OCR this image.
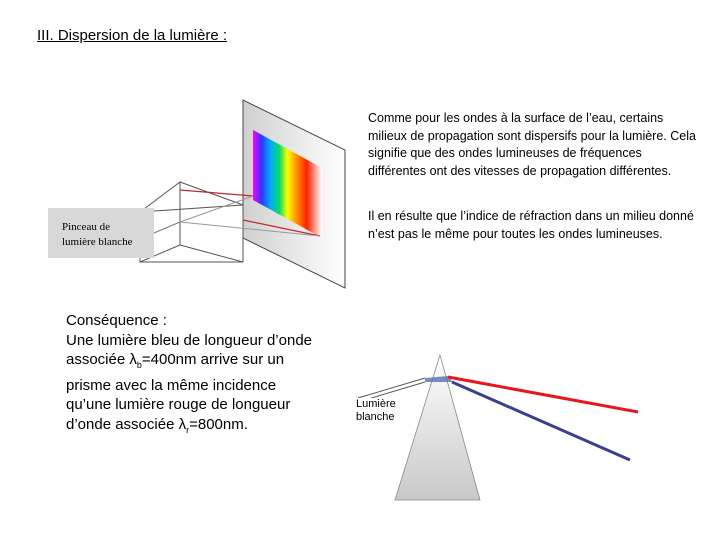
III. Dispersion de la lumière :
Comme pour les ondes à la surface de l’eau, certains milieux de propagation sont dispersifs pour la lumière. Cela signifie que des ondes lumineuses de fréquences différentes ont des vitesses de propagation différentes.
Il en résulte que l’indice de réfraction dans un milieu donné n’est pas le même pour toutes les ondes lumineuses.
Pinceau de
lumière blanche
Conséquence :
Une lumière bleu de longueur d’onde
associée $\lambda_b=400nm$ arrive sur un
prisme avec la même incidence
qu’une lumière rouge de longueur
d’onde associée $\lambda_r=800nm$.
Lumière
blanche
